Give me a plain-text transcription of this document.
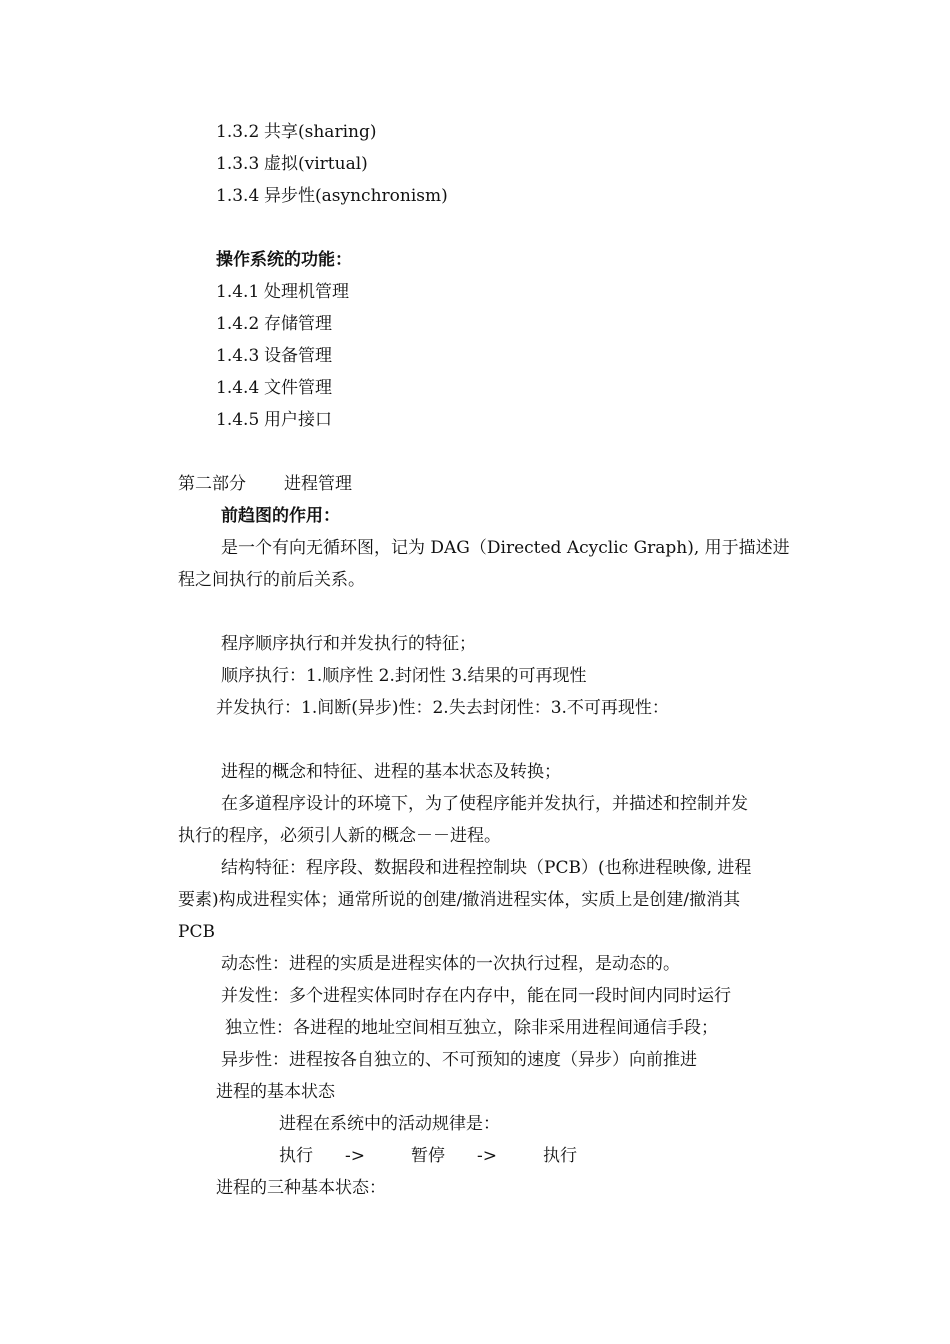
1.3.2 共享(sharing)
1.3.3 虚拟(virtual)
1.3.4 异步性(asynchronism)
操作系统的功能：
1.4.1 处理机管理
1.4.2 存储管理
1.4.3 设备管理
1.4.4 文件管理
1.4.5 用户接口
第二部分 进程管理
前趋图的作用：
是一个有向无循环图，记为 DAG（Directed Acyclic Graph), 用于描述进
程之间执行的前后关系。
程序顺序执行和并发执行的特征；
顺序执行：1.顺序性 2.封闭性 3.结果的可再现性
并发执行：1.间断(异步)性：2.失去封闭性：3.不可再现性：
进程的概念和特征、进程的基本状态及转换；
在多道程序设计的环境下，为了使程序能并发执行，并描述和控制并发
执行的程序，必须引人新的概念－－进程。
结构特征：程序段、数据段和进程控制块（PCB）(也称进程映像, 进程
要素)构成进程实体；通常所说的创建/撤消进程实体，实质上是创建/撤消其
PCB
动态性：进程的实质是进程实体的一次执行过程，是动态的。
并发性：多个进程实体同时存在内存中，能在同一段时间内同时运行
独立性：各进程的地址空间相互独立，除非采用进程间通信手段；
异步性：进程按各自独立的、不可预知的速度（异步）向前推进
进程的基本状态
进程在系统中的活动规律是：
执行 ->	暂停 ->	执行
进程的三种基本状态：
